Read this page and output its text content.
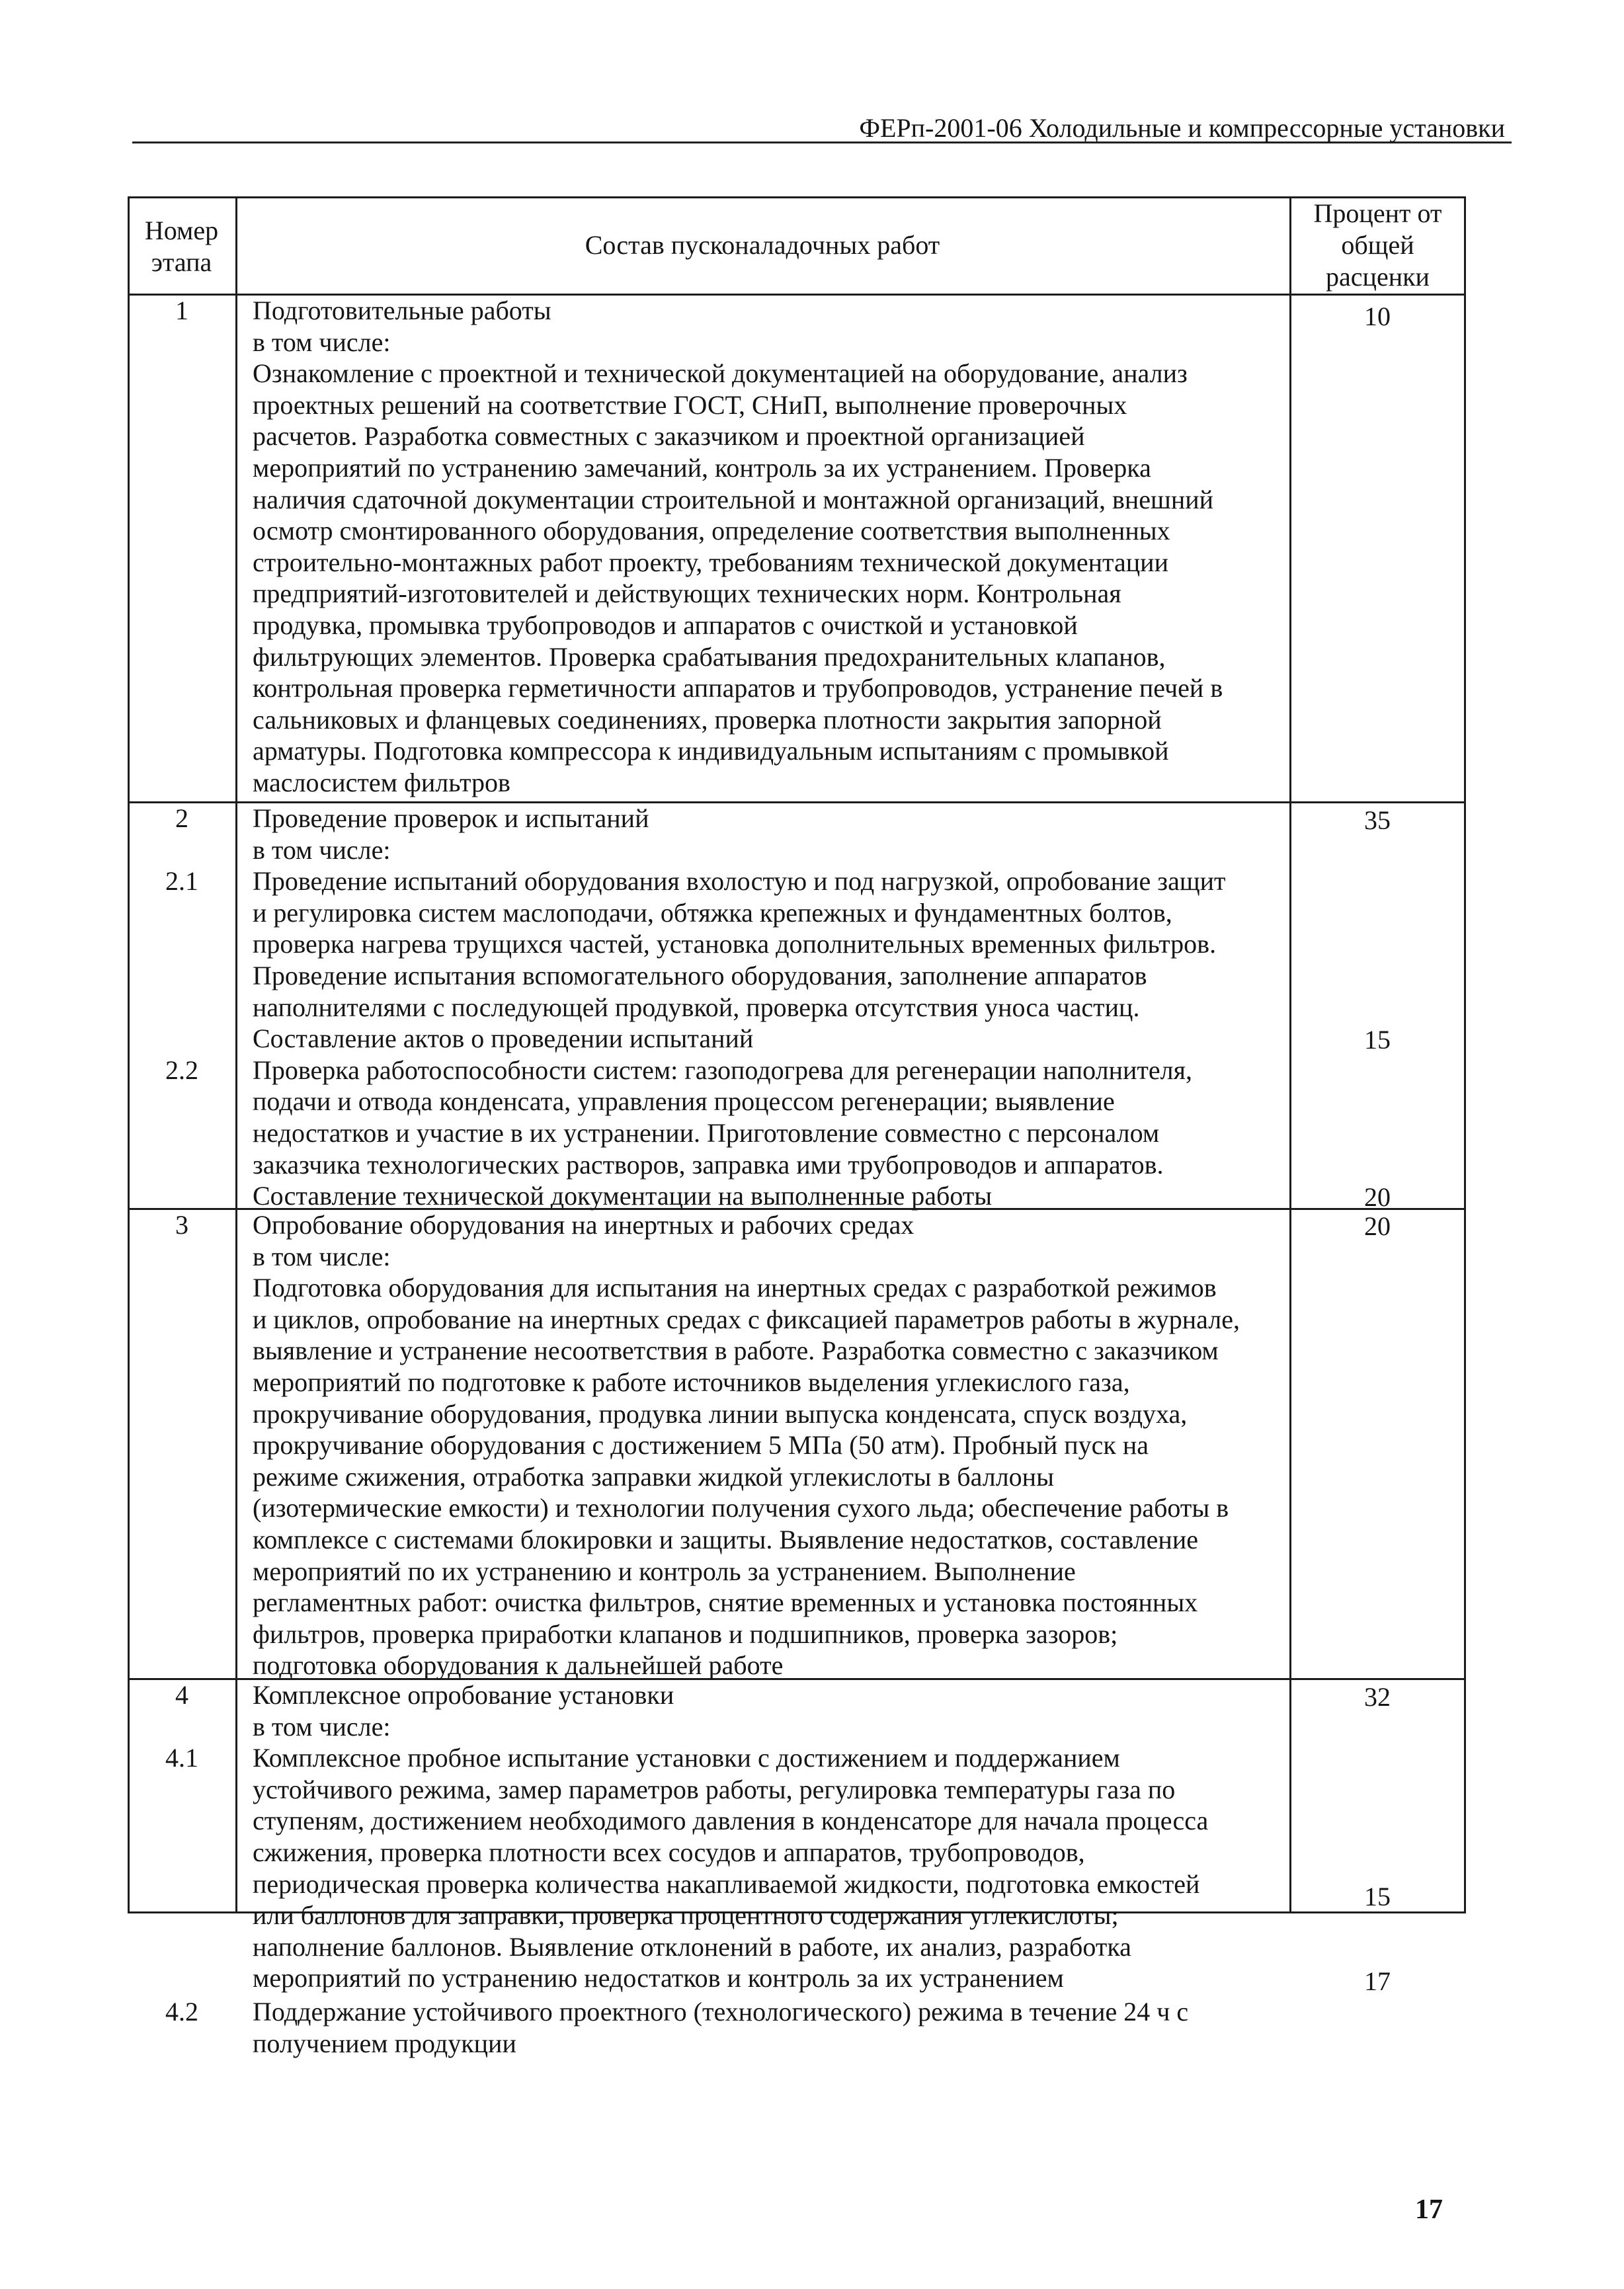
ФЕРп-2001-06 Холодильные и компрессорные установки
Номер
этапа
Состав пусконаладочных работ
Процент от
общей
расценки
1	10
Подготовительные работы
в том числе:
Ознакомление с проектной и технической документацией на оборудование, анализ
проектных решений на соответствие ГОСТ, СНиП, выполнение проверочных
расчетов. Разработка совместных с заказчиком и проектной организацией
мероприятий по устранению замечаний, контроль за их устранением. Проверка
наличия сдаточной документации строительной и монтажной организаций, внешний
осмотр смонтированного оборудования, определение соответствия выполненных
строительно-монтажных работ проекту, требованиям технической документации
предприятий-изготовителей и действующих технических норм. Контрольная
продувка, промывка трубопроводов и аппаратов с очисткой и установкой
фильтрующих элементов. Проверка срабатывания предохранительных клапанов,
контрольная проверка герметичности аппаратов и трубопроводов, устранение печей в
сальниковых и фланцевых соединениях, проверка плотности закрытия запорной
арматуры. Подготовка компрессора к индивидуальным испытаниям с промывкой
маслосистем фильтров
2
2.1
2.2
35
15
20
Проведение проверок и испытаний
в том числе:
Проведение испытаний оборудования вхолостую и под нагрузкой, опробование защит
и регулировка систем маслоподачи, обтяжка крепежных и фундаментных болтов,
проверка нагрева трущихся частей, установка дополнительных временных фильтров.
Проведение испытания вспомогательного оборудования, заполнение аппаратов
наполнителями с последующей продувкой, проверка отсутствия уноса частиц.
Составление актов о проведении испытаний
Проверка работоспособности систем: газоподогрева для регенерации наполнителя,
подачи и отвода конденсата, управления процессом регенерации; выявление
недостатков и участие в их устранении. Приготовление совместно с персоналом
заказчика технологических растворов, заправка ими трубопроводов и аппаратов.
Составление технической документации на выполненные работы
3	20
Опробование оборудования на инертных и рабочих средах
в том числе:
Подготовка оборудования для испытания на инертных средах с разработкой режимов
и циклов, опробование на инертных средах с фиксацией параметров работы в журнале,
выявление и устранение несоответствия в работе. Разработка совместно с заказчиком
мероприятий по подготовке к работе источников выделения углекислого газа,
прокручивание оборудования, продувка линии выпуска конденсата, спуск воздуха,
прокручивание оборудования с достижением 5 МПа (50 атм). Пробный пуск на
режиме сжижения, отработка заправки жидкой углекислоты в баллоны
(изотермические емкости) и технологии получения сухого льда; обеспечение работы в
комплексе с системами блокировки и защиты. Выявление недостатков, составление
мероприятий по их устранению и контроль за устранением. Выполнение
регламентных работ: очистка фильтров, снятие временных и установка постоянных
фильтров, проверка приработки клапанов и подшипников, проверка зазоров;
подготовка оборудования к дальнейшей работе
4
4.1
32
17
Комплексное опробование установки
в том числе:
Комплексное пробное испытание установки с достижением и поддержанием
устойчивого режима, замер параметров работы, регулировка температуры газа по
ступеням, достижением необходимого давления в конденсаторе для начала процесса
сжижения, проверка плотности всех сосудов и аппаратов, трубопроводов,
периодическая проверка количества накапливаемой жидкости, подготовка емкостей
или баллонов для заправки, проверка процентного содержания углекислоты;
наполнение баллонов. Выявление отклонений в работе, их анализ, разработка
мероприятий по устранению недостатков и контроль за их устранением
4.2
15
Поддержание устойчивого проектного (технологического) режима в течение 24 ч с
получением продукции
17
